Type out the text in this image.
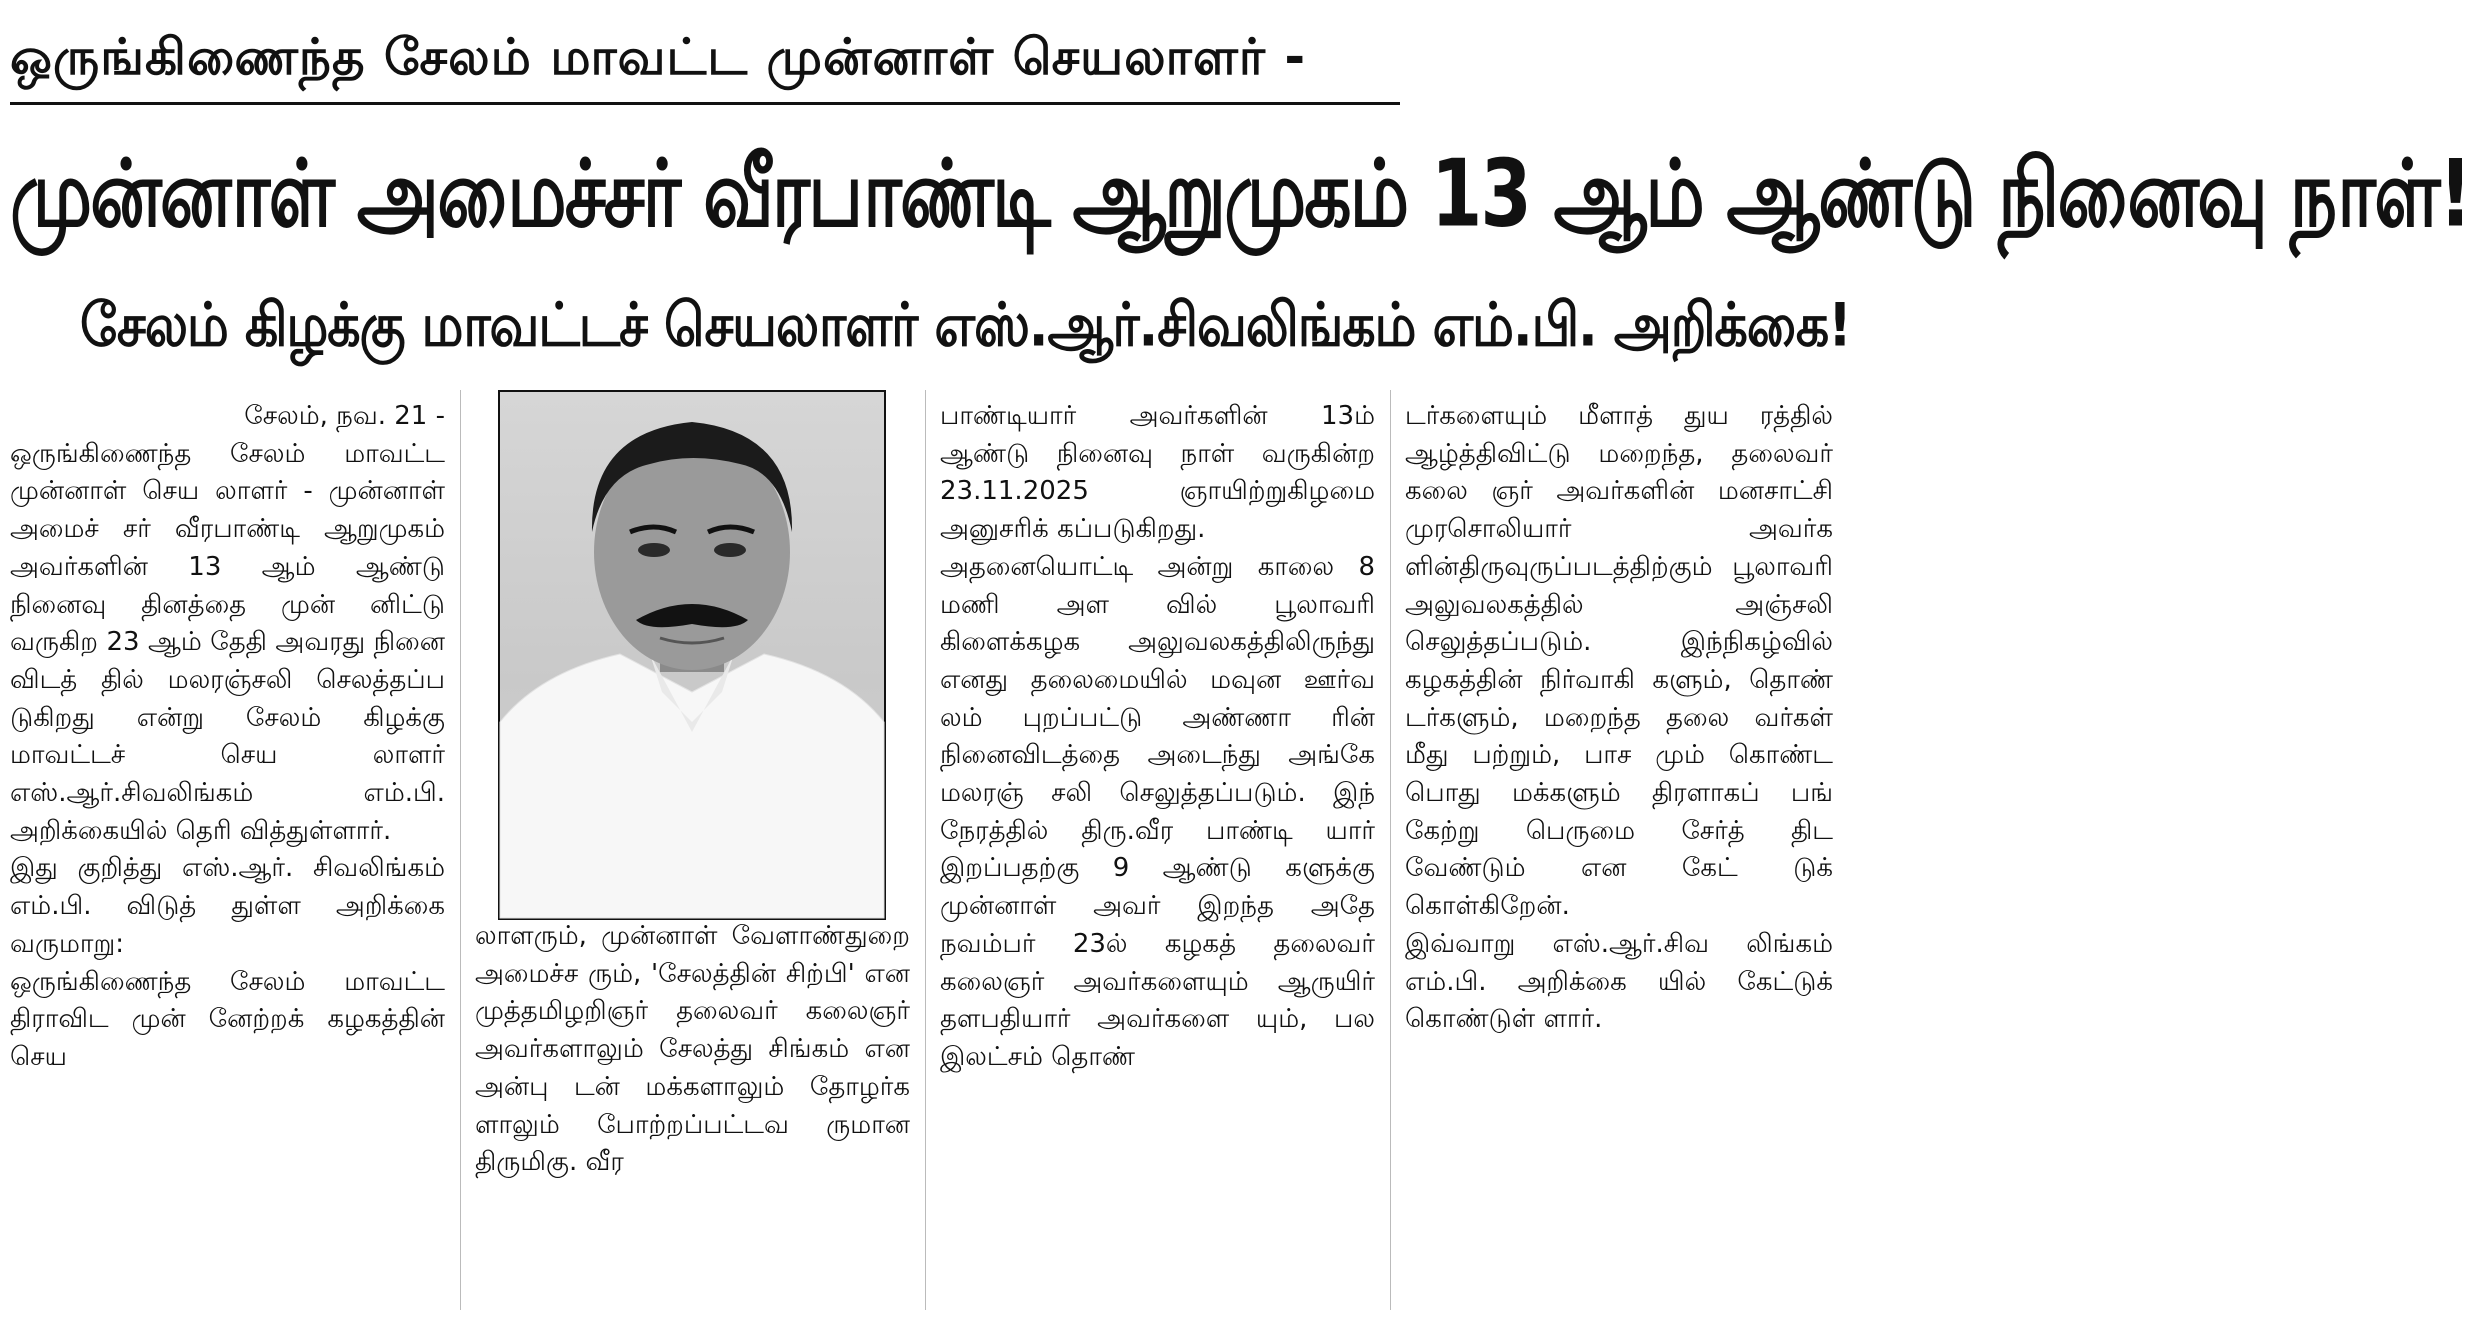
ஒருங்கிணைந்த சேலம் மாவட்ட முன்னாள் செயலாளர் -
முன்னாள் அமைச்சர் வீரபாண்டி ஆறுமுகம் 13 ஆம் ஆண்டு நினைவு நாள்!
சேலம் கிழக்கு மாவட்டச் செயலாளர் எஸ்.ஆர்.சிவலிங்கம் எம்.பி. அறிக்கை!

சேலம், நவ. 21 -

ஒருங்கிணைந்த சேலம் மாவட்ட முன்னாள் செய லாளர் - முன்னாள் அமைச் சர் வீரபாண்டி ஆறுமுகம் அவர்களின் 13 ஆம் ஆண்டு நினைவு தினத்தை முன் னிட்டு வருகிற 23 ஆம் தேதி அவரது நினை விடத் தில் மலரஞ்சலி செலத்தப்ப டுகிறது என்று சேலம் கிழக்கு மாவட்டச் செய லாளர் எஸ்.ஆர்.சிவலிங்கம் எம்.பி. அறிக்கையில் தெரி வித்துள்ளார்.

இது குறித்து எஸ்.ஆர். சிவலிங்கம் எம்.பி. விடுத் துள்ள அறிக்கை வருமாறு:

ஒருங்கிணைந்த சேலம் மாவட்ட திராவிட முன் னேற்றக் கழகத்தின் செய

லாளரும், முன்னாள் வேளாண்துறை அமைச்ச ரும், 'சேலத்தின் சிற்பி' என முத்தமிழறிஞர் தலைவர் கலைஞர் அவர்களாலும் சேலத்து சிங்கம் என அன்பு டன் மக்களாலும் தோழர்க ளாலும் போற்றப்பட்டவ ருமான திருமிகு. வீர

பாண்டியார் அவர்களின் 13ம் ஆண்டு நினைவு நாள் வருகின்ற 23.11.2025 ஞாயிற்றுகிழமை அனுசரிக் கப்படுகிறது.

அதனையொட்டி அன்று காலை 8 மணி அள வில் பூலாவரி கிளைக்கழக அலுவலகத்திலிருந்து எனது தலைமையில் மவுன ஊர்வ லம் புறப்பட்டு அண்ணா ரின் நினைவிடத்தை அடைந்து அங்கே மலரஞ் சலி செலுத்தப்படும். இந் நேரத்தில் திரு.வீர பாண்டி யார் இறப்பதற்கு 9 ஆண்டு களுக்கு முன்னாள் அவர் இறந்த அதே நவம்பர் 23ல் கழகத் தலைவர் கலைஞர் அவர்களையும் ஆருயிர் தளபதியார் அவர்களை யும், பல இலட்சம் தொண்

டர்களையும் மீளாத் துய ரத்தில் ஆழ்த்திவிட்டு மறைந்த, தலைவர் கலை ஞர் அவர்களின் மனசாட்சி முரசொலியார் அவர்க ளின்திருவுருப்படத்திற்கும் பூலாவரி அலுவலகத்தில் அஞ்சலி செலுத்தப்படும். இந்நிகழ்வில் கழகத்தின் நிர்வாகி களும், தொண் டர்களும், மறைந்த தலை வர்கள் மீது பற்றும், பாச மும் கொண்ட பொது மக்களும் திரளாகப் பங் கேற்று பெருமை சேர்த் திட வேண்டும் என கேட் டுக் கொள்கிறேன்.

இவ்வாறு எஸ்.ஆர்.சிவ லிங்கம் எம்.பி. அறிக்கை யில் கேட்டுக் கொண்டுள் ளார்.
